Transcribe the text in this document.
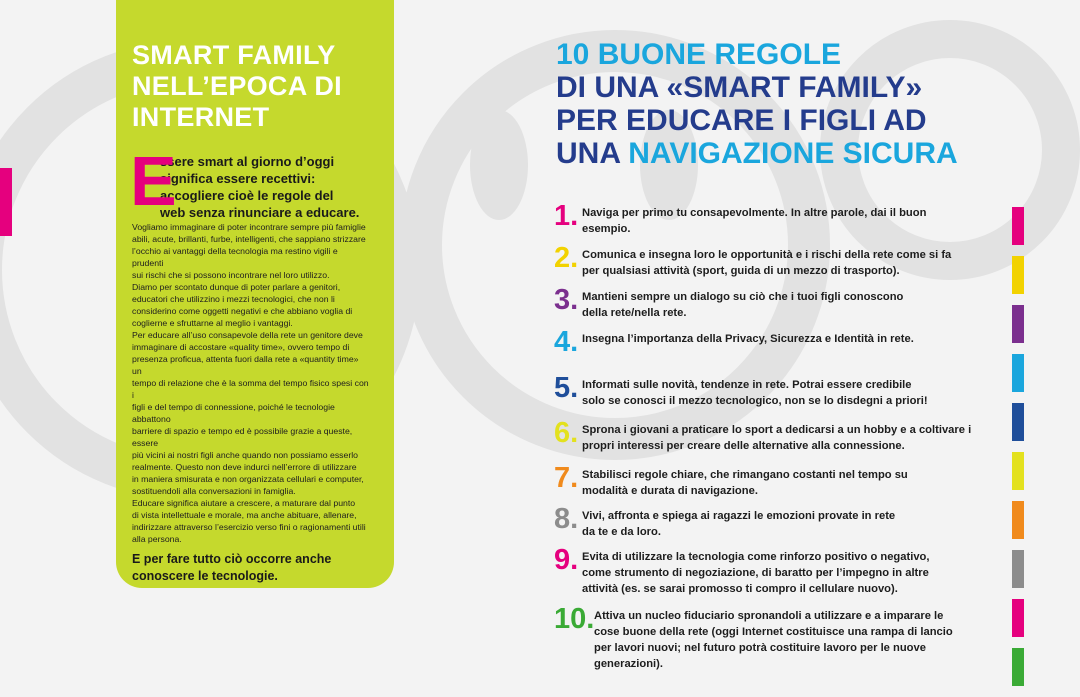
SMART FAMILY
NELL’EPOCA DI
INTERNET
E
ssere smart al giorno d’oggi
significa essere recettivi:
accogliere cioè le regole del
web senza rinunciare a educare.
Vogliamo immaginare di poter incontrare sempre più famiglie
abili, acute, brillanti, furbe, intelligenti, che sappiano strizzare
l’occhio ai vantaggi della tecnologia ma restino vigili e prudenti
sui rischi che si possono incontrare nel loro utilizzo.
Diamo per scontato dunque di poter parlare a genitori,
educatori che utilizzino i mezzi tecnologici, che non li
considerino come oggetti negativi e che abbiano voglia di
coglierne e sfruttarne al meglio i vantaggi.
Per educare all’uso consapevole della rete un genitore deve
immaginare di accostare «quality time», ovvero tempo di
presenza proficua, attenta fuori dalla rete a «quantity time» un
tempo di relazione che è la somma del tempo fisico spesi con i
figli e del tempo di connessione, poiché le tecnologie abbattono
barriere di spazio e tempo ed è possibile grazie a queste, essere
più vicini ai nostri figli anche quando non possiamo esserlo
realmente. Questo non deve indurci nell’errore di utilizzare
in maniera smisurata e non organizzata cellulari e computer,
sostituendoli alla conversazioni in famiglia.
Educare significa aiutare a crescere, a maturare dal punto
di vista intellettuale e morale, ma anche abituare, allenare,
indirizzare attraverso l’esercizio verso fini o ragionamenti utili
alla persona.
E per fare tutto ciò occorre anche
conoscere le tecnologie.
10 BUONE REGOLE
DI UNA «SMART FAMILY»
PER EDUCARE I FIGLI AD
UNA NAVIGAZIONE SICURA
1. Naviga per primo tu consapevolmente. In altre parole, dai il buon
esempio.
2. Comunica e insegna loro le opportunità e i rischi della rete come si fa
per qualsiasi attività (sport, guida di un mezzo di trasporto).
3. Mantieni sempre un dialogo su ciò che i tuoi figli conoscono
della rete/nella rete.
4. Insegna l’importanza della Privacy, Sicurezza e Identità in rete.
5. Informati sulle novità, tendenze in rete. Potrai essere credibile
solo se conosci il mezzo tecnologico, non se lo disdegni a priori!
6. Sprona i giovani a praticare lo sport a dedicarsi a un hobby e a coltivare i
propri interessi per creare delle alternative alla connessione.
7. Stabilisci regole chiare, che rimangano costanti nel tempo su
modalità e durata di navigazione.
8. Vivi, affronta e spiega ai ragazzi le emozioni provate in rete
da te e da loro.
9. Evita di utilizzare la tecnologia come rinforzo positivo o negativo,
come strumento di negoziazione, di baratto per l’impegno in altre
attività (es. se sarai promosso ti compro il cellulare nuovo).
10. Attiva un nucleo fiduciario spronandoli a utilizzare e a imparare le
cose buone della rete (oggi Internet costituisce una rampa di lancio
per lavori nuovi; nel futuro potrà costituire lavoro per le nuove generazioni).
